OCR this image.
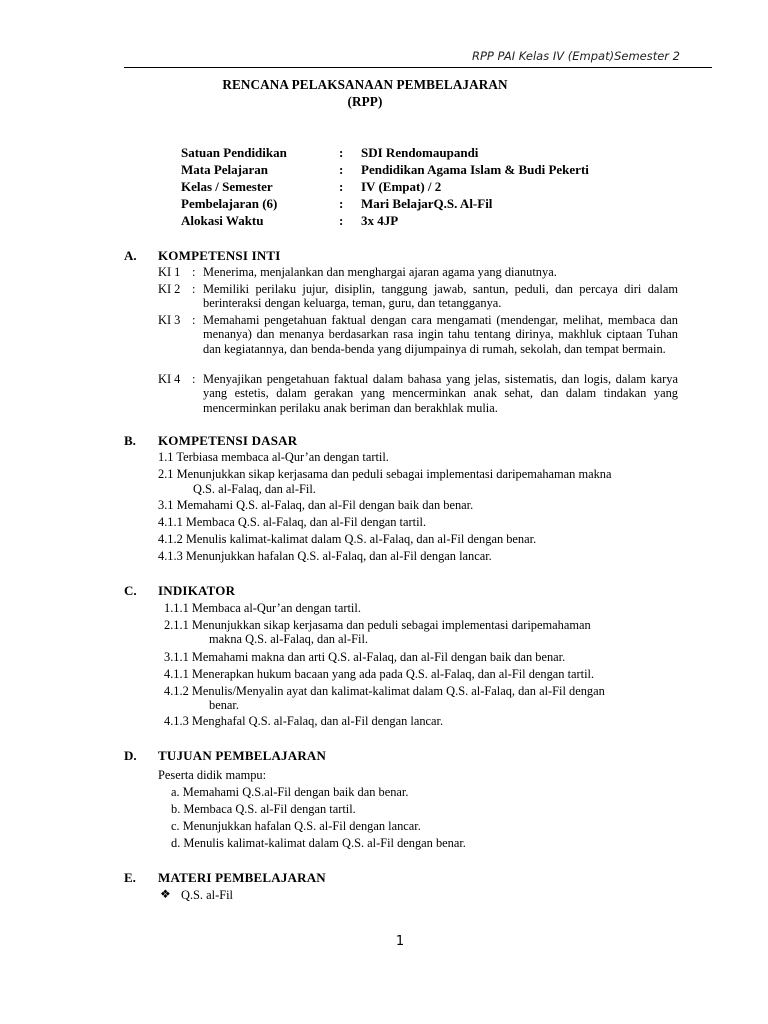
RPP PAI Kelas IV (Empat)Semester 2
RENCANA PELAKSANAAN PEMBELAJARAN
(RPP)
Satuan Pendidikan	: SDI Rendomaupandi
Mata Pelajaran	: Pendidikan Agama Islam & Budi Pekerti
Kelas / Semester	: IV (Empat) / 2
Pembelajaran (6)	: Mari BelajarQ.S. Al-Fil
Alokasi Waktu	: 3x 4JP
A. KOMPETENSI INTI
KI 1 : Menerima, menjalankan dan menghargai ajaran agama yang dianutnya.
KI 2 : Memiliki perilaku jujur, disiplin, tanggung jawab, santun, peduli, dan percaya diri dalam berinteraksi dengan keluarga, teman, guru, dan tetangganya.
KI 3 : Memahami pengetahuan faktual dengan cara mengamati (mendengar, melihat, membaca dan menanya) dan menanya berdasarkan rasa ingin tahu tentang dirinya, makhluk ciptaan Tuhan dan kegiatannya, dan benda-benda yang dijumpainya di rumah, sekolah, dan tempat bermain.
KI 4 : Menyajikan pengetahuan faktual dalam bahasa yang jelas, sistematis, dan logis, dalam karya yang estetis, dalam gerakan yang mencerminkan anak sehat, dan dalam tindakan yang mencerminkan perilaku anak beriman dan berakhlak mulia.
B. KOMPETENSI DASAR
1.1 Terbiasa membaca al-Qur’an dengan tartil.
2.1 Menunjukkan sikap kerjasama dan peduli sebagai implementasi daripemahaman makna
Q.S. al-Falaq, dan al-Fil.
3.1 Memahami Q.S. al-Falaq, dan al-Fil dengan baik dan benar.
4.1.1 Membaca Q.S. al-Falaq, dan al-Fil dengan tartil.
4.1.2 Menulis kalimat-kalimat dalam Q.S. al-Falaq, dan al-Fil dengan benar.
4.1.3 Menunjukkan hafalan Q.S. al-Falaq, dan al-Fil dengan lancar.
C. INDIKATOR
1.1.1 Membaca al-Qur’an dengan tartil.
2.1.1 Menunjukkan sikap kerjasama dan peduli sebagai implementasi daripemahaman
makna Q.S. al-Falaq, dan al-Fil.
3.1.1 Memahami makna dan arti Q.S. al-Falaq, dan al-Fil dengan baik dan benar.
4.1.1 Menerapkan hukum bacaan yang ada pada Q.S. al-Falaq, dan al-Fil dengan tartil.
4.1.2 Menulis/Menyalin ayat dan kalimat-kalimat dalam Q.S. al-Falaq, dan al-Fil dengan
benar.
4.1.3 Menghafal Q.S. al-Falaq, dan al-Fil dengan lancar.
D. TUJUAN PEMBELAJARAN
Peserta didik mampu:
a. Memahami Q.S.al-Fil dengan baik dan benar.
b. Membaca Q.S. al-Fil dengan tartil.
c. Menunjukkan hafalan Q.S. al-Fil dengan lancar.
d. Menulis kalimat-kalimat dalam Q.S. al-Fil dengan benar.
E. MATERI PEMBELAJARAN
❖ Q.S. al-Fil
1
